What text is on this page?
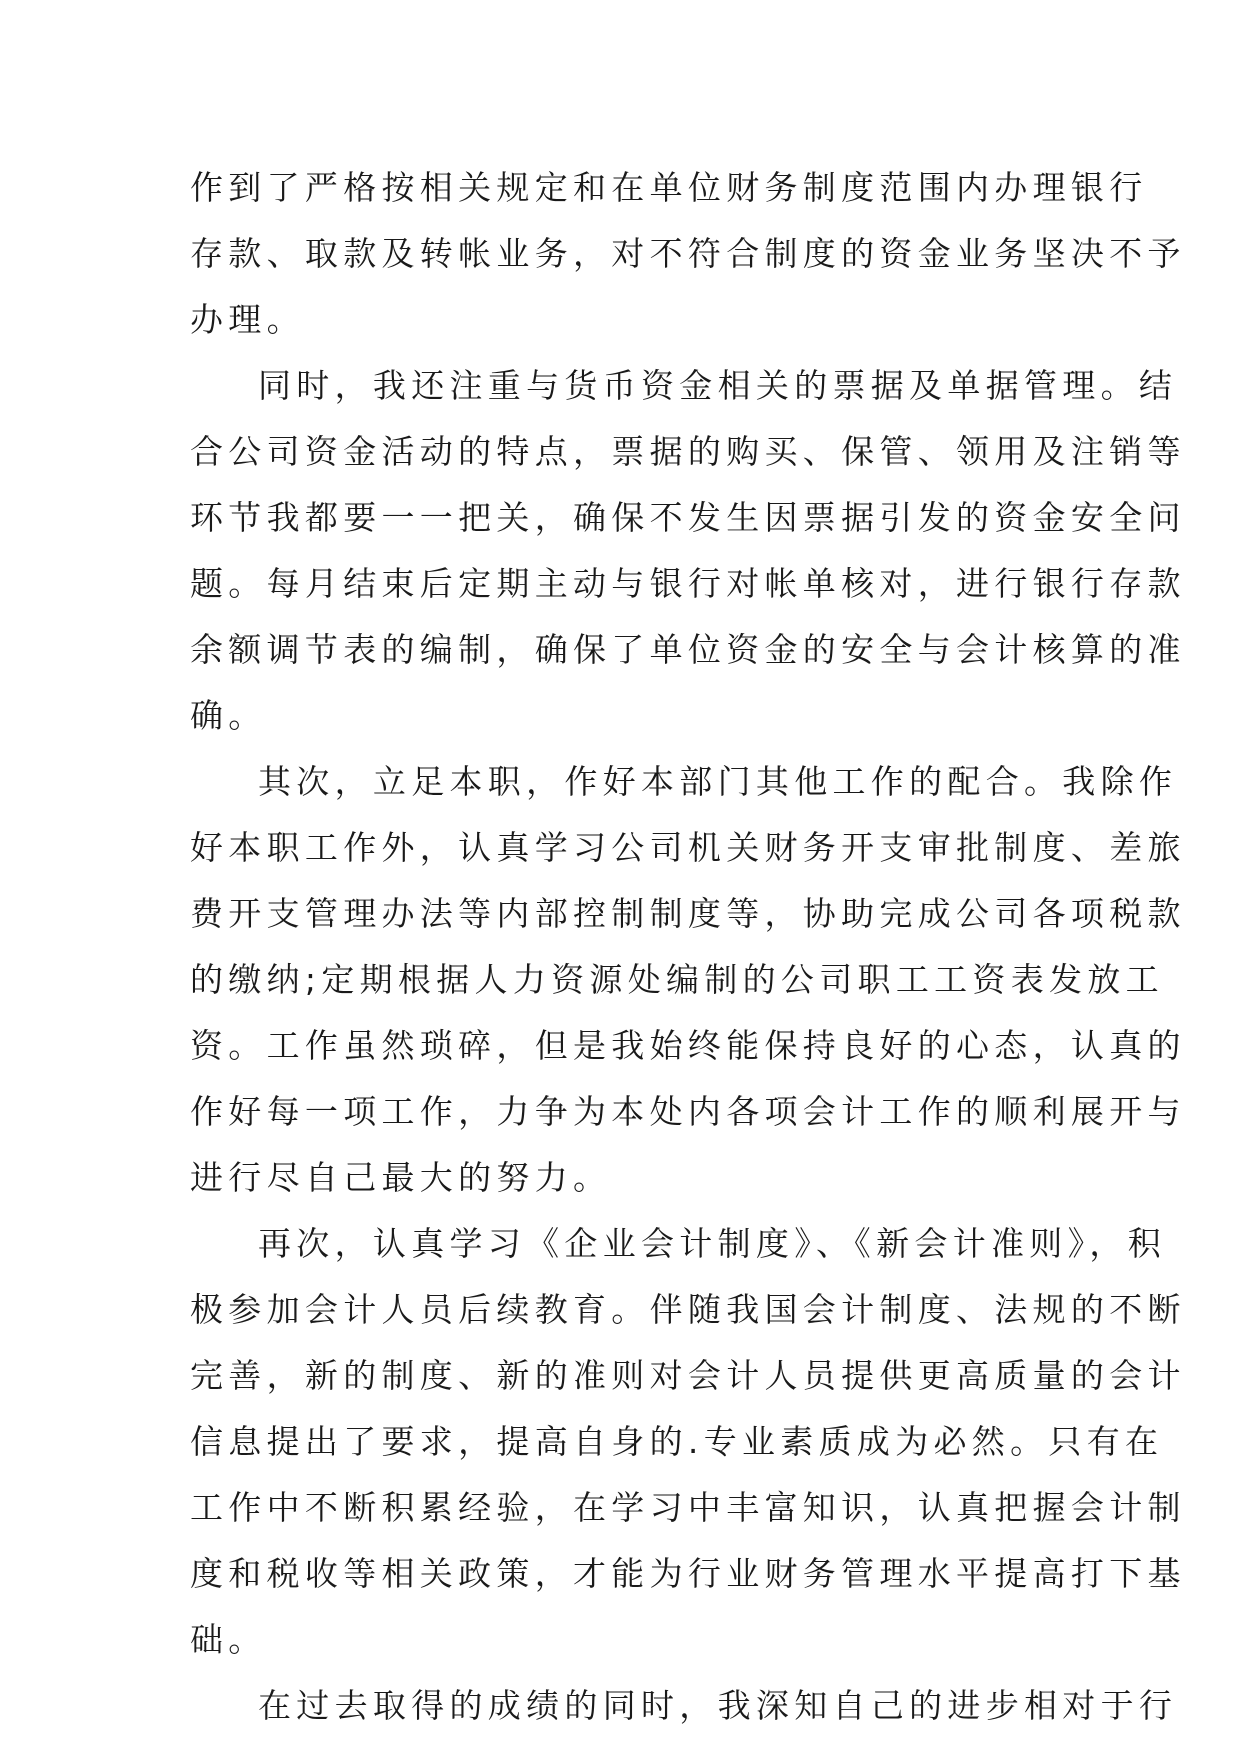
作到了严格按相关规定和在单位财务制度范围内办理银行
存款、取款及转帐业务，对不符合制度的资金业务坚决不予
办理。
同时，我还注重与货币资金相关的票据及单据管理。结
合公司资金活动的特点，票据的购买、保管、领用及注销等
环节我都要一一把关，确保不发生因票据引发的资金安全问
题。每月结束后定期主动与银行对帐单核对，进行银行存款
余额调节表的编制，确保了单位资金的安全与会计核算的准
确。
其次，立足本职，作好本部门其他工作的配合。我除作
好本职工作外，认真学习公司机关财务开支审批制度、差旅
费开支管理办法等内部控制制度等，协助完成公司各项税款
的缴纳;定期根据人力资源处编制的公司职工工资表发放工
资。工作虽然琐碎，但是我始终能保持良好的心态，认真的
作好每一项工作，力争为本处内各项会计工作的顺利展开与
进行尽自己最大的努力。
再次，认真学习《企业会计制度》、《新会计准则》，积
极参加会计人员后续教育。伴随我国会计制度、法规的不断
完善，新的制度、新的准则对会计人员提供更高质量的会计
信息提出了要求，提高自身的.专业素质成为必然。只有在
工作中不断积累经验，在学习中丰富知识，认真把握会计制
度和税收等相关政策，才能为行业财务管理水平提高打下基
础。
在过去取得的成绩的同时，我深知自己的进步相对于行
